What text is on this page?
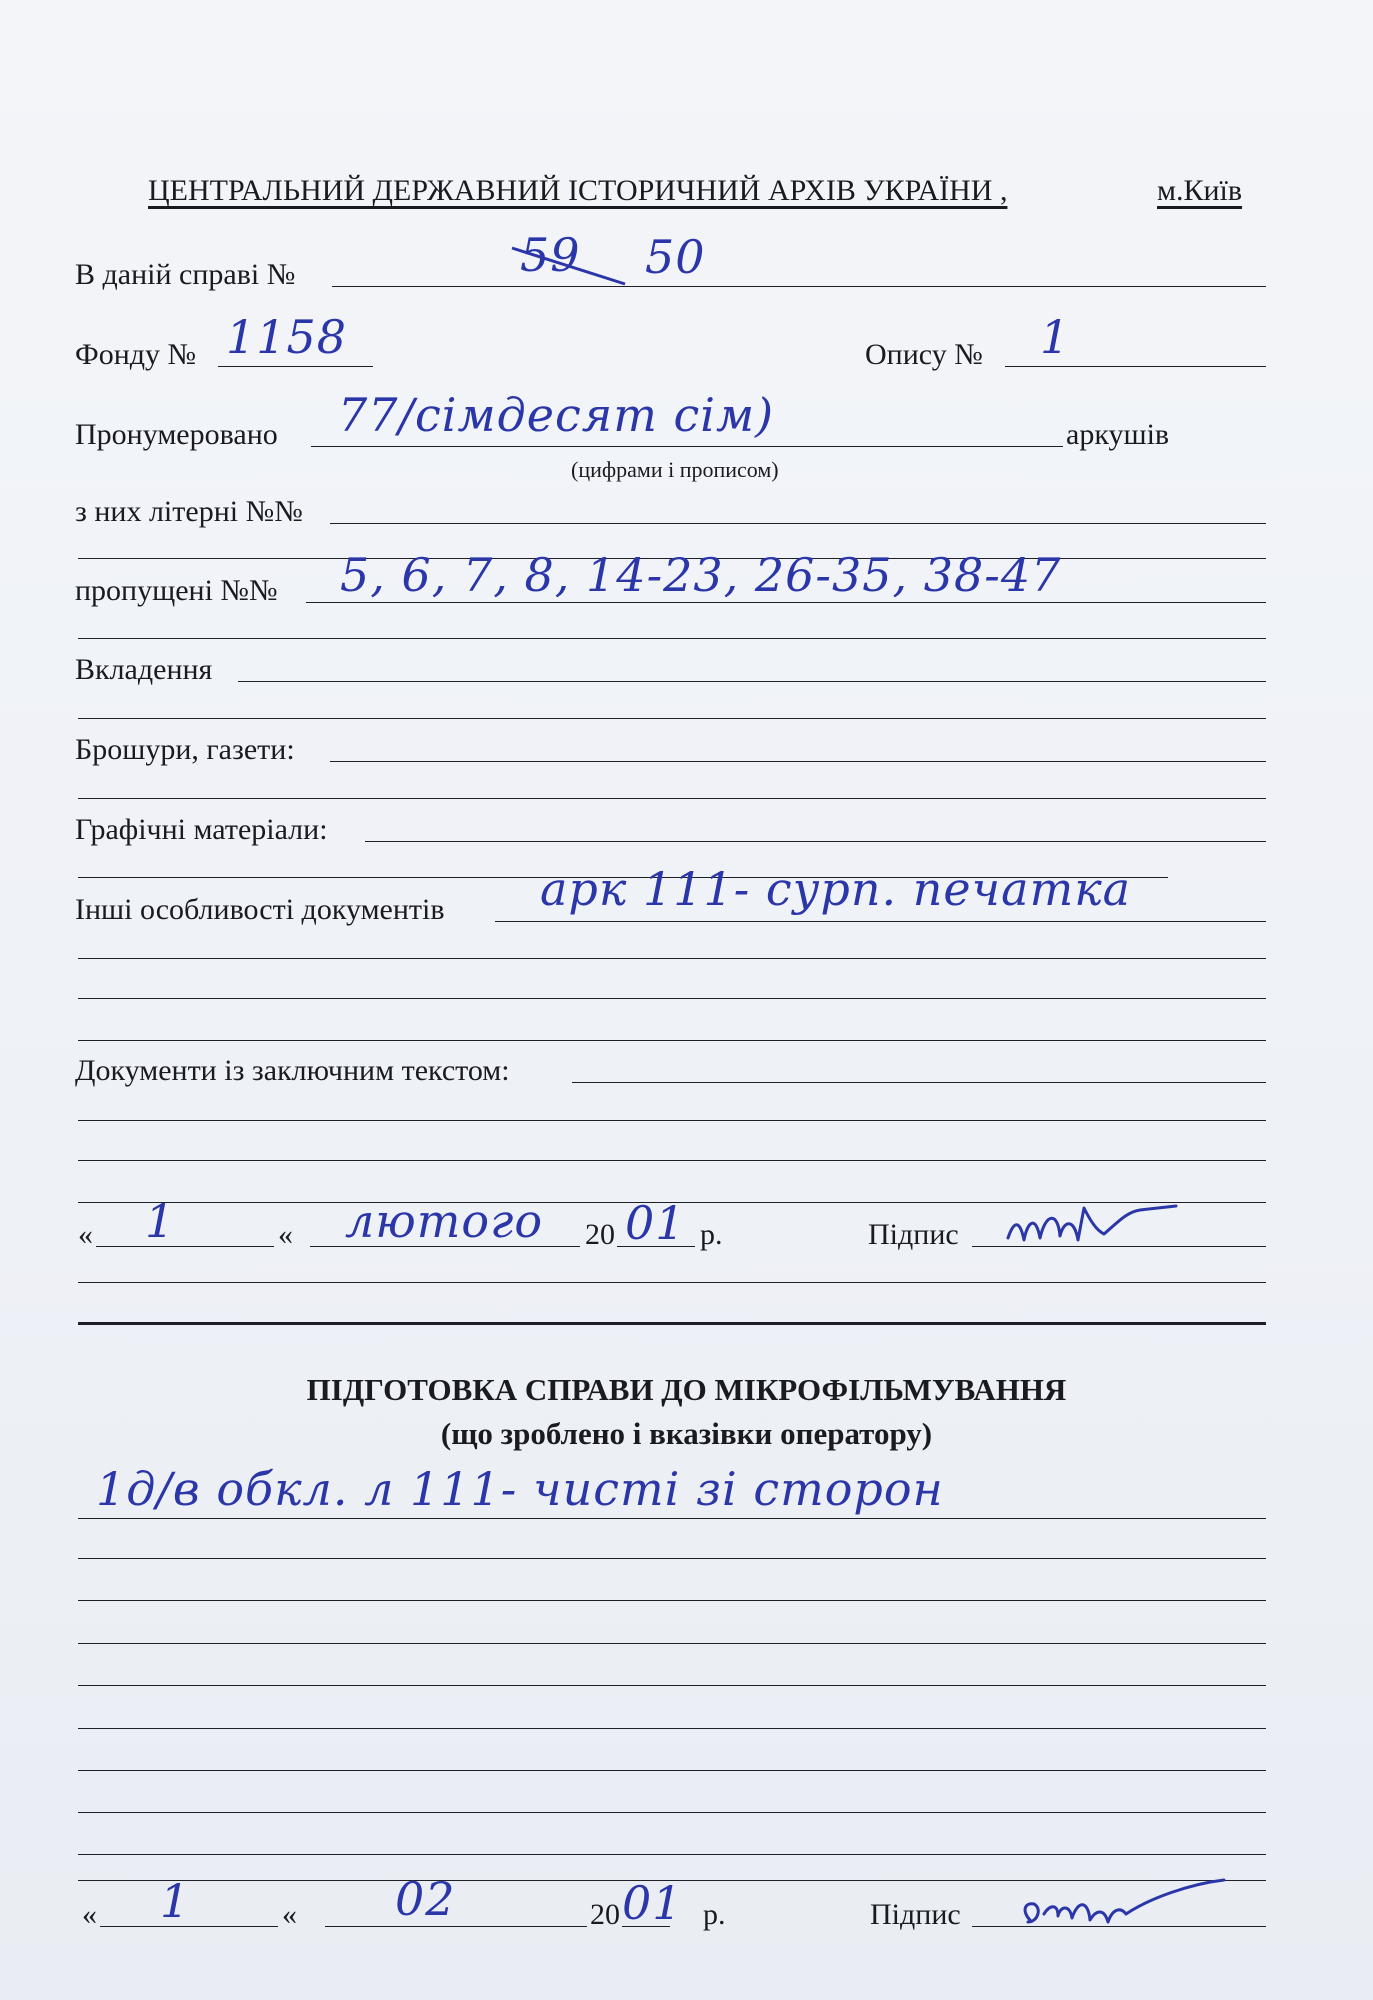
ЦЕНТРАЛЬНИЙ ДЕРЖАВНИЙ ІСТОРИЧНИЙ АРХІВ УКРАЇНИ ,	м.Київ
В даній справі №	59 50
Фонду № 1158	Опису № 1
Пронумеровано 77/сімдесят сім)	аркушів
(цифрами і прописом)
з них літерні №№
пропущені №№ 5, 6, 7, 8, 14-23, 26-35, 38-47
Вкладення
Брошури, газети:
Графічні матеріали:
Інші особливості документів арк 111- сурп. печатка
Документи із заключним текстом:
« 1	« лютого 20 01 р.	Підпис
ПІДГОТОВКА СПРАВИ ДО МІКРОФІЛЬМУВАННЯ
(що зроблено і вказівки оператору)
1д/в обкл. л 111- чисті зі сторон
« 1	« 02	20 01 р.	Підпис
